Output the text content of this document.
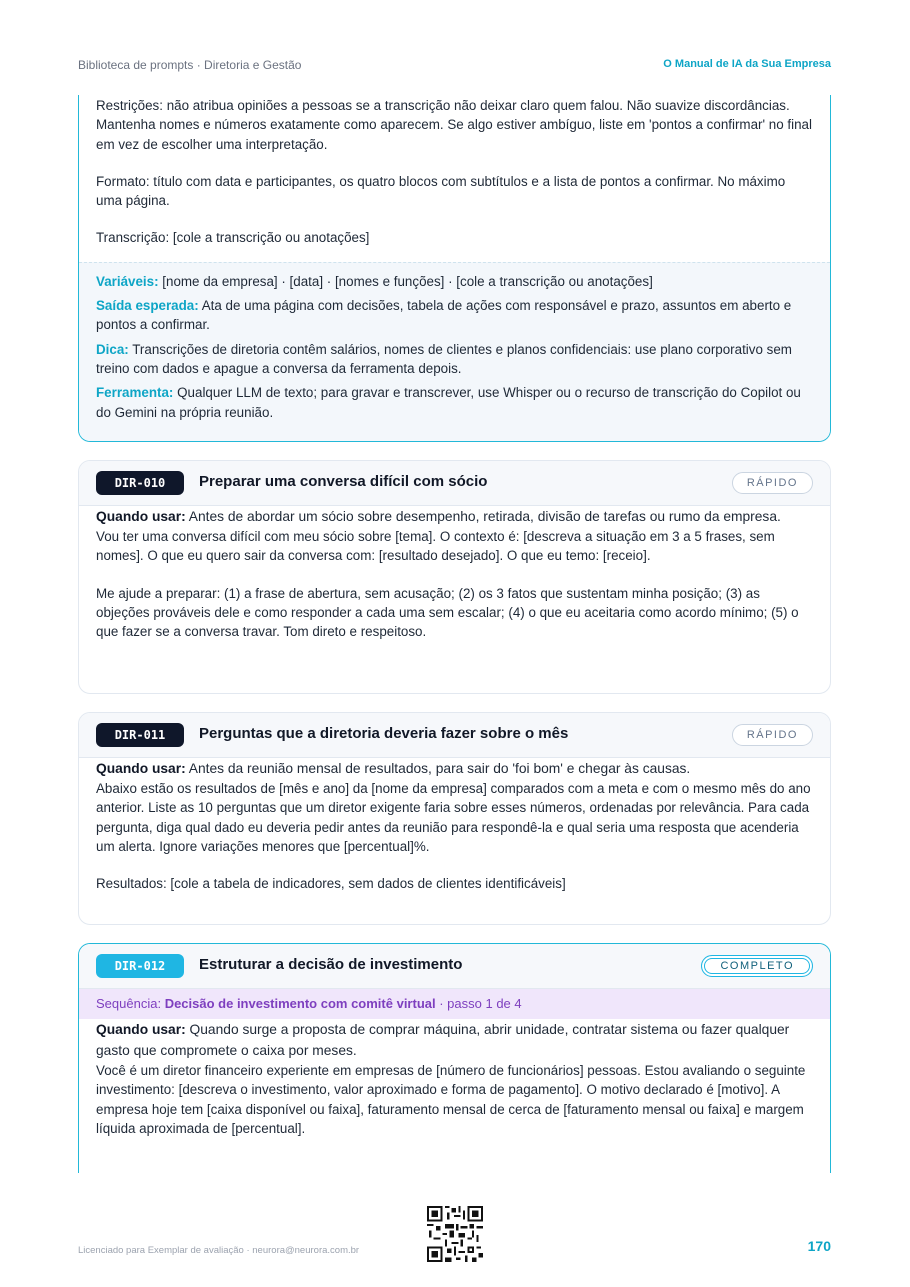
Biblioteca de prompts · Diretoria e Gestão	O Manual de IA da Sua Empresa

Restrições: não atribua opiniões a pessoas se a transcrição não deixar claro quem falou. Não suavize discordâncias. Mantenha nomes e números exatamente como aparecem. Se algo estiver ambíguo, liste em 'pontos a confirmar' no final em vez de escolher uma interpretação.

Formato: título com data e participantes, os quatro blocos com subtítulos e a lista de pontos a confirmar. No máximo uma página.

Transcrição: [cole a transcrição ou anotações]

Variáveis: [nome da empresa] · [data] · [nomes e funções] · [cole a transcrição ou anotações]

Saída esperada: Ata de uma página com decisões, tabela de ações com responsável e prazo, assuntos em aberto e pontos a confirmar.

Dica: Transcrições de diretoria contêm salários, nomes de clientes e planos confidenciais: use plano corporativo sem treino com dados e apague a conversa da ferramenta depois.

Ferramenta: Qualquer LLM de texto; para gravar e transcrever, use Whisper ou o recurso de transcrição do Copilot ou do Gemini na própria reunião.

DIR-010	Preparar uma conversa difícil com sócio	RÁPIDO

Quando usar: Antes de abordar um sócio sobre desempenho, retirada, divisão de tarefas ou rumo da empresa.

Vou ter uma conversa difícil com meu sócio sobre [tema]. O contexto é: [descreva a situação em 3 a 5 frases, sem nomes]. O que eu quero sair da conversa com: [resultado desejado]. O que eu temo: [receio].

Me ajude a preparar: (1) a frase de abertura, sem acusação; (2) os 3 fatos que sustentam minha posição; (3) as objeções prováveis dele e como responder a cada uma sem escalar; (4) o que eu aceitaria como acordo mínimo; (5) o que fazer se a conversa travar. Tom direto e respeitoso.

DIR-011	Perguntas que a diretoria deveria fazer sobre o mês	RÁPIDO

Quando usar: Antes da reunião mensal de resultados, para sair do 'foi bom' e chegar às causas.

Abaixo estão os resultados de [mês e ano] da [nome da empresa] comparados com a meta e com o mesmo mês do ano anterior. Liste as 10 perguntas que um diretor exigente faria sobre esses números, ordenadas por relevância. Para cada pergunta, diga qual dado eu deveria pedir antes da reunião para respondê-la e qual seria uma resposta que acenderia um alerta. Ignore variações menores que [percentual]%.

Resultados: [cole a tabela de indicadores, sem dados de clientes identificáveis]

DIR-012	Estruturar a decisão de investimento	COMPLETO
Sequência: Decisão de investimento com comitê virtual · passo 1 de 4

Quando usar: Quando surge a proposta de comprar máquina, abrir unidade, contratar sistema ou fazer qualquer gasto que compromete o caixa por meses.

Você é um diretor financeiro experiente em empresas de [número de funcionários] pessoas. Estou avaliando o seguinte investimento: [descreva o investimento, valor aproximado e forma de pagamento]. O motivo declarado é [motivo]. A empresa hoje tem [caixa disponível ou faixa], faturamento mensal de cerca de [faturamento mensal ou faixa] e margem líquida aproximada de [percentual].

Licenciado para Exemplar de avaliação · neurora@neurora.com.br	170
